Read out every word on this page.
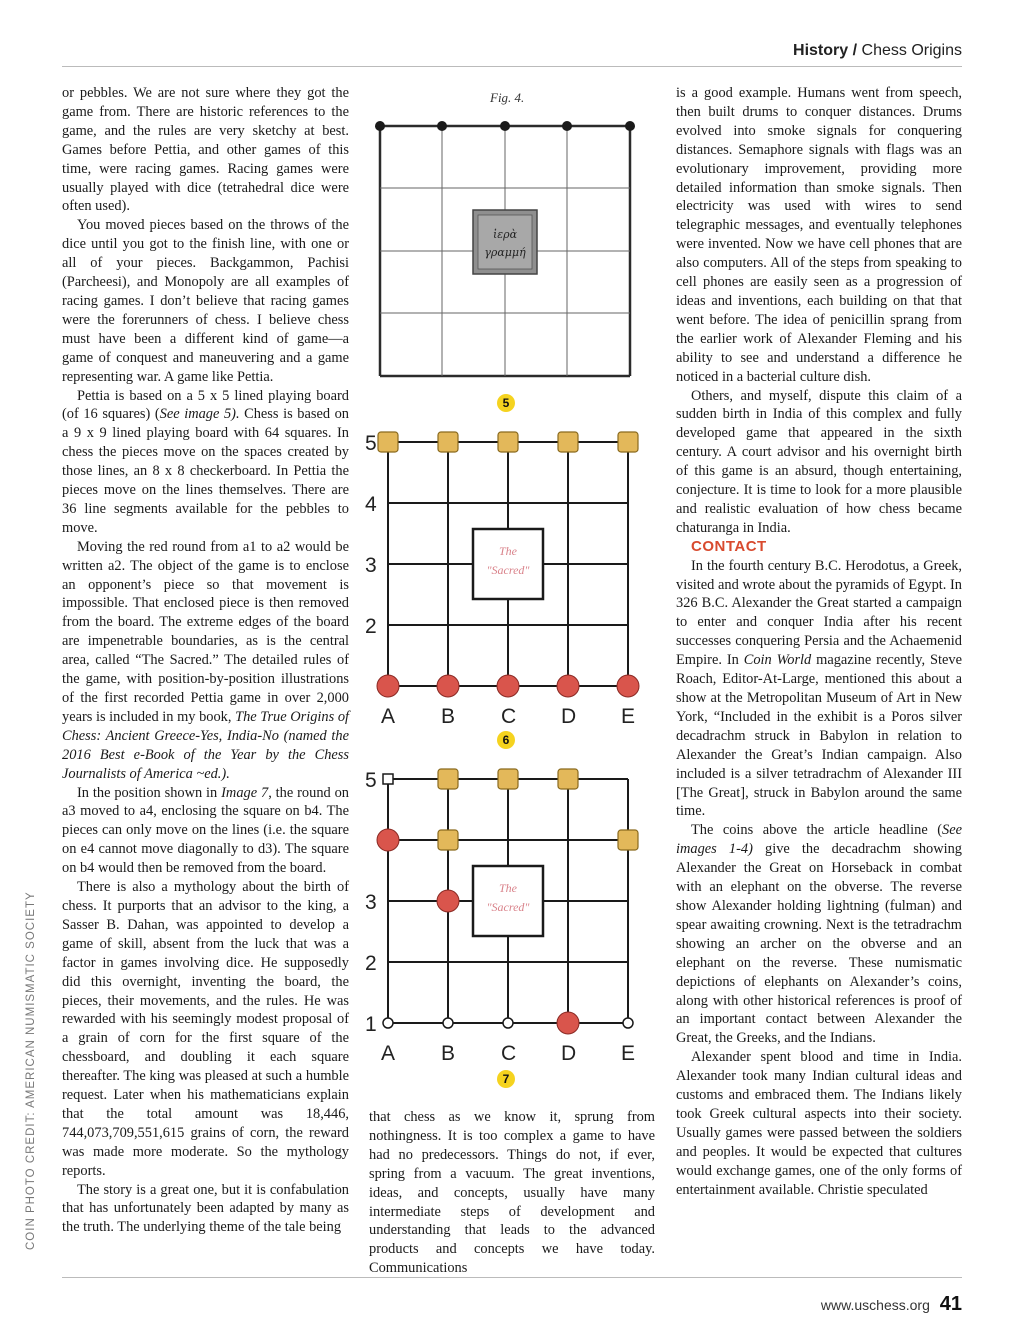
History / Chess Origins
COIN PHOTO CREDIT: AMERICAN NUMISMATIC SOCIETY

or pebbles. We are not sure where they got the game from. There are historic references to the game, and the rules are very sketchy at best. Games before Pettia, and other games of this time, were racing games. Racing games were usually played with dice (tetrahedral dice were often used).

You moved pieces based on the throws of the dice until you got to the finish line, with one or all of your pieces. Backgammon, Pachisi (Parcheesi), and Monopoly are all examples of racing games. I don’t believe that racing games were the forerunners of chess. I believe chess must have been a different kind of game—a game of conquest and maneuvering and a game representing war. A game like Pettia.

Pettia is based on a 5 x 5 lined playing board (of 16 squares) (See image 5). Chess is based on a 9 x 9 lined playing board with 64 squares. In chess the pieces move on the spaces created by those lines, an 8 x 8 checkerboard. In Pettia the pieces move on the lines themselves. There are 36 line segments available for the pebbles to move.

Moving the red round from a1 to a2 would be written a2. The object of the game is to enclose an opponent’s piece so that movement is impossible. That enclosed piece is then removed from the board. The extreme edges of the board are impenetrable boundaries, as is the central area, called “The Sacred.” The detailed rules of the game, with position-by-position illustrations of the first recorded Pettia game in over 2,000 years is included in my book, The True Origins of Chess: Ancient Greece-Yes, India-No (named the 2016 Best e-Book of the Year by the Chess Journalists of America ~ed.).

In the position shown in Image 7, the round on a3 moved to a4, enclosing the square on b4. The pieces can only move on the lines (i.e. the square on e4 cannot move diagonally to d3). The square on b4 would then be removed from the board.

There is also a mythology about the birth of chess. It purports that an advisor to the king, a Sasser B. Dahan, was appointed to develop a game of skill, absent from the luck that was a factor in games involving dice. He supposedly did this overnight, inventing the board, the pieces, their movements, and the rules. He was rewarded with his seemingly modest proposal of a grain of corn for the first square of the chessboard, and doubling it each square thereafter. The king was pleased at such a humble request. Later when his mathematicians explain that the total amount was 18,446, 744,073,709,551,615 grains of corn, the reward was made more moderate. So the mythology reports.

The story is a great one, but it is confabulation that has unfortunately been adapted by many as the truth. The underlying theme of the tale being

Fig. 4.
ἱερὰ
γραμμή
5
The
"Sacred"
5
4
3
2
A B C D E
6
The
"Sacred"
5
3
2
1
A B C D E
7

that chess as we know it, sprung from nothingness. It is too complex a game to have had no predecessors. Things do not, if ever, spring from a vacuum. The great inventions, ideas, and concepts, usually have many intermediate steps of development and understanding that leads to the advanced products and concepts we have today. Communications

is a good example. Humans went from speech, then built drums to conquer distances. Drums evolved into smoke signals for conquering distances. Semaphore signals with flags was an evolutionary improvement, providing more detailed information than smoke signals. Then electricity was used with wires to send telegraphic messages, and eventually telephones were invented. Now we have cell phones that are also computers. All of the steps from speaking to cell phones are easily seen as a progression of ideas and inventions, each building on that that went before. The idea of penicillin sprang from the earlier work of Alexander Fleming and his ability to see and understand a difference he noticed in a bacterial culture dish.

Others, and myself, dispute this claim of a sudden birth in India of this complex and fully developed game that appeared in the sixth century. A court advisor and his overnight birth of this game is an absurd, though entertaining, conjecture. It is time to look for a more plausible and realistic evaluation of how chess became chaturanga in India.

CONTACT

In the fourth century B.C. Herodotus, a Greek, visited and wrote about the pyramids of Egypt. In 326 B.C. Alexander the Great started a campaign to enter and conquer India after his recent successes conquering Persia and the Achaemenid Empire. In Coin World magazine recently, Steve Roach, Editor-At-Large, mentioned this about a show at the Metropolitan Museum of Art in New York, “Included in the exhibit is a Poros silver decadrachm struck in Babylon in relation to Alexander the Great’s Indian campaign. Also included is a silver tetradrachm of Alexander III [The Great], struck in Babylon around the same time.

The coins above the article headline (See images 1-4) give the decadrachm showing Alexander the Great on Horseback in combat with an elephant on the obverse. The reverse show Alexander holding lightning (fulman) and spear awaiting crowning. Next is the tetradrachm showing an archer on the obverse and an elephant on the reverse. These numismatic depictions of elephants on Alexander’s coins, along with other historical references is proof of an important contact between Alexander the Great, the Greeks, and the Indians.

Alexander spent blood and time in India. Alexander took many Indian cultural ideas and customs and embraced them. The Indians likely took Greek cultural aspects into their society. Usually games were passed between the soldiers and peoples. It would be expected that cultures would exchange games, one of the only forms of entertainment available. Christie speculated

www.uschess.org 41
